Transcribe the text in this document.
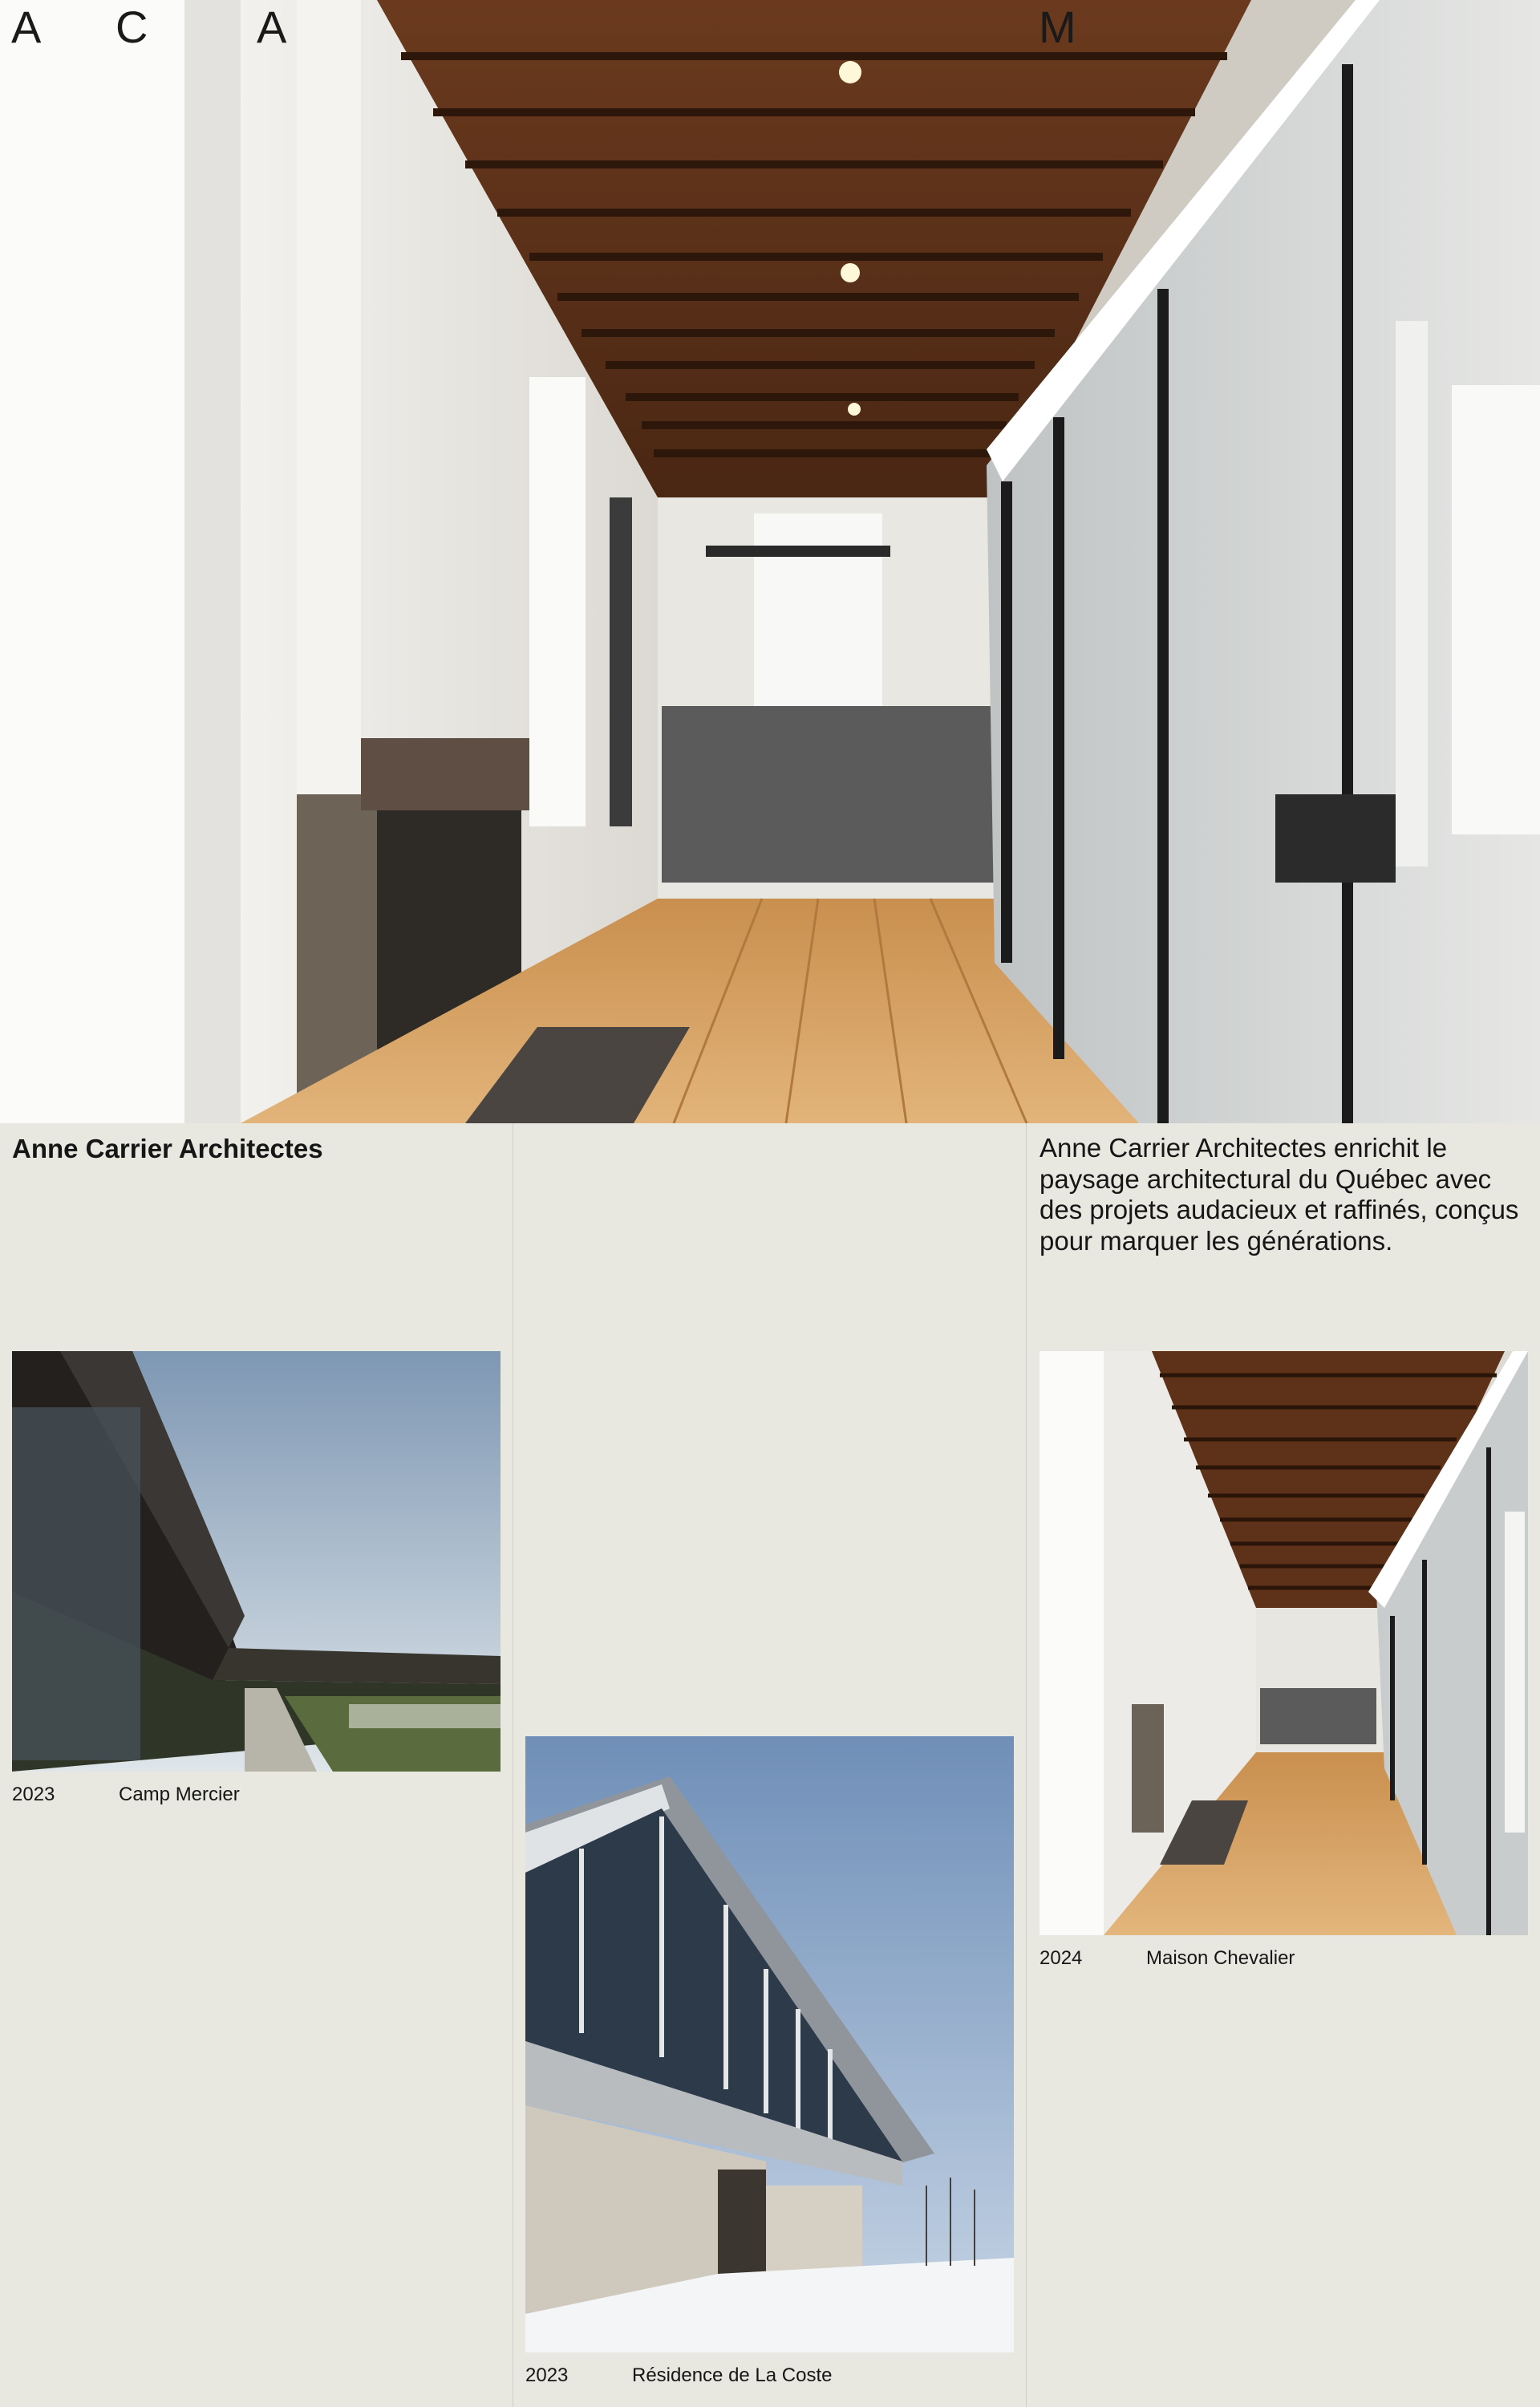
A C A	M
Anne Carrier Architectes	Anne Carrier Architectes enrichit le paysage architectural du Québec avec des projets audacieux et raffinés, conçus pour marquer les générations.

2023	Camp Mercier
2023	Résidence de La Coste
2024	Maison Chevalier
